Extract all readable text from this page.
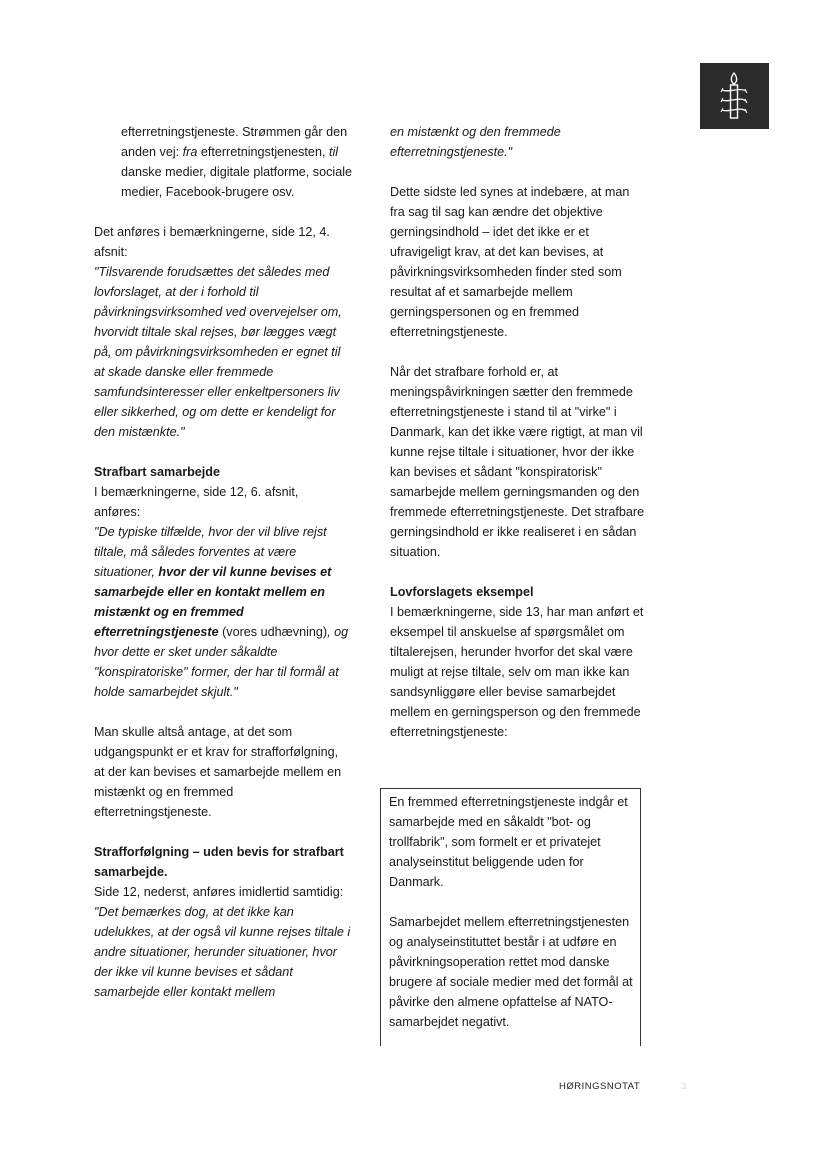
efterretningstjeneste. Strømmen går den anden vej: fra efterretningstjenesten, til danske medier, digitale platforme, sociale medier, Facebook-brugere osv.

Det anføres i bemærkningerne, side 12, 4. afsnit:

"Tilsvarende forudsættes det således med lovforslaget, at der i forhold til påvirkningsvirksomhed ved overvejelser om, hvorvidt tiltale skal rejses, bør lægges vægt på, om påvirkningsvirksomheden er egnet til at skade danske eller fremmede samfundsinteresser eller enkeltpersoners liv eller sikkerhed, og om dette er kendeligt for den mistænkte."

Strafbart samarbejde

I bemærkningerne, side 12, 6. afsnit,

anføres:

"De typiske tilfælde, hvor der vil blive rejst tiltale, må således forventes at være situationer, hvor der vil kunne bevises et samarbejde eller en kontakt mellem en mistænkt og en fremmed efterretningstjeneste (vores udhævning), og hvor dette er sket under såkaldte "konspiratoriske" former, der har til formål at holde samarbejdet skjult."

Man skulle altså antage, at det som udgangspunkt er et krav for strafforfølgning, at der kan bevises et samarbejde mellem en mistænkt og en fremmed efterretningstjeneste.

Strafforfølgning – uden bevis for strafbart samarbejde.

Side 12, nederst, anføres imidlertid samtidig:

"Det bemærkes dog, at det ikke kan udelukkes, at der også vil kunne rejses tiltale i andre situationer, herunder situationer, hvor der ikke vil kunne bevises et sådant samarbejde eller kontakt mellem

en mistænkt og den fremmede efterretningstjeneste."

Dette sidste led synes at indebære, at man fra sag til sag kan ændre det objektive gerningsindhold – idet det ikke er et ufravigeligt krav, at det kan bevises, at påvirkningsvirksomheden finder sted som resultat af et samarbejde mellem gerningspersonen og en fremmed efterretningstjeneste.

Når det strafbare forhold er, at meningspåvirkningen sætter den fremmede efterretningstjeneste i stand til at "virke" i Danmark, kan det ikke være rigtigt, at man vil kunne rejse tiltale i situationer, hvor der ikke kan bevises et sådant "konspiratorisk" samarbejde mellem gerningsmanden og den fremmede efterretningstjeneste. Det strafbare gerningsindhold er ikke realiseret i en sådan situation.

Lovforslagets eksempel

I bemærkningerne, side 13, har man anført et eksempel til anskuelse af spørgsmålet om tiltalerejsen, herunder hvorfor det skal være muligt at rejse tiltale, selv om man ikke kan sandsynliggøre eller bevise samarbejdet mellem en gerningsperson og den fremmede efterretningstjeneste:

En fremmed efterretningstjeneste indgår et samarbejde med en såkaldt "bot- og trollfabrik", som formelt er et privatejet analyseinstitut beliggende uden for Danmark.

Samarbejdet mellem efterretningstjenesten og analyseinstituttet består i at udføre en påvirkningsoperation rettet mod danske brugere af sociale medier med det formål at påvirke den almene opfattelse af NATO-samarbejdet negativt.

HØRINGSNOTAT	3
